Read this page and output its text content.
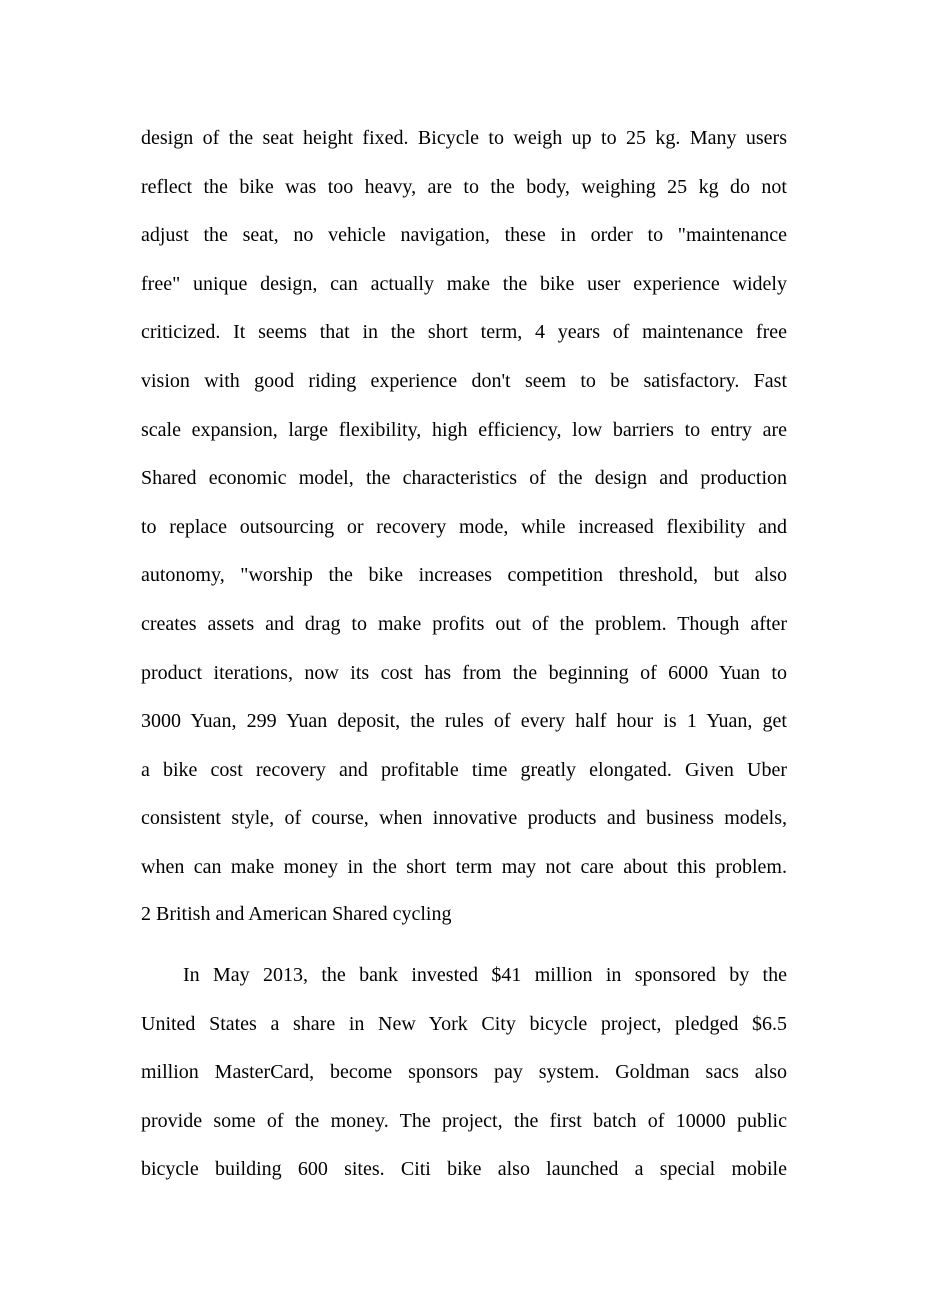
design of the seat height fixed. Bicycle to weigh up to 25 kg. Many users
reflect the bike was too heavy, are to the body, weighing 25 kg do not
adjust the seat, no vehicle navigation, these in order to "maintenance
free" unique design, can actually make the bike user experience widely
criticized. It seems that in the short term, 4 years of maintenance free
vision with good riding experience don't seem to be satisfactory. Fast
scale expansion, large flexibility, high efficiency, low barriers to entry are
Shared economic model, the characteristics of the design and production
to replace outsourcing or recovery mode, while increased flexibility and
autonomy, "worship the bike increases competition threshold, but also
creates assets and drag to make profits out of the problem. Though after
product iterations, now its cost has from the beginning of 6000 Yuan to
3000 Yuan, 299 Yuan deposit, the rules of every half hour is 1 Yuan, get
a bike cost recovery and profitable time greatly elongated. Given Uber
consistent style, of course, when innovative products and business models,
when can make money in the short term may not care about this problem.
2 British and American Shared cycling
In May 2013, the bank invested $41 million in sponsored by the
United States a share in New York City bicycle project, pledged $6.5
million MasterCard, become sponsors pay system. Goldman sacs also
provide some of the money. The project, the first batch of 10000 public
bicycle building 600 sites. Citi bike also launched a special mobile
